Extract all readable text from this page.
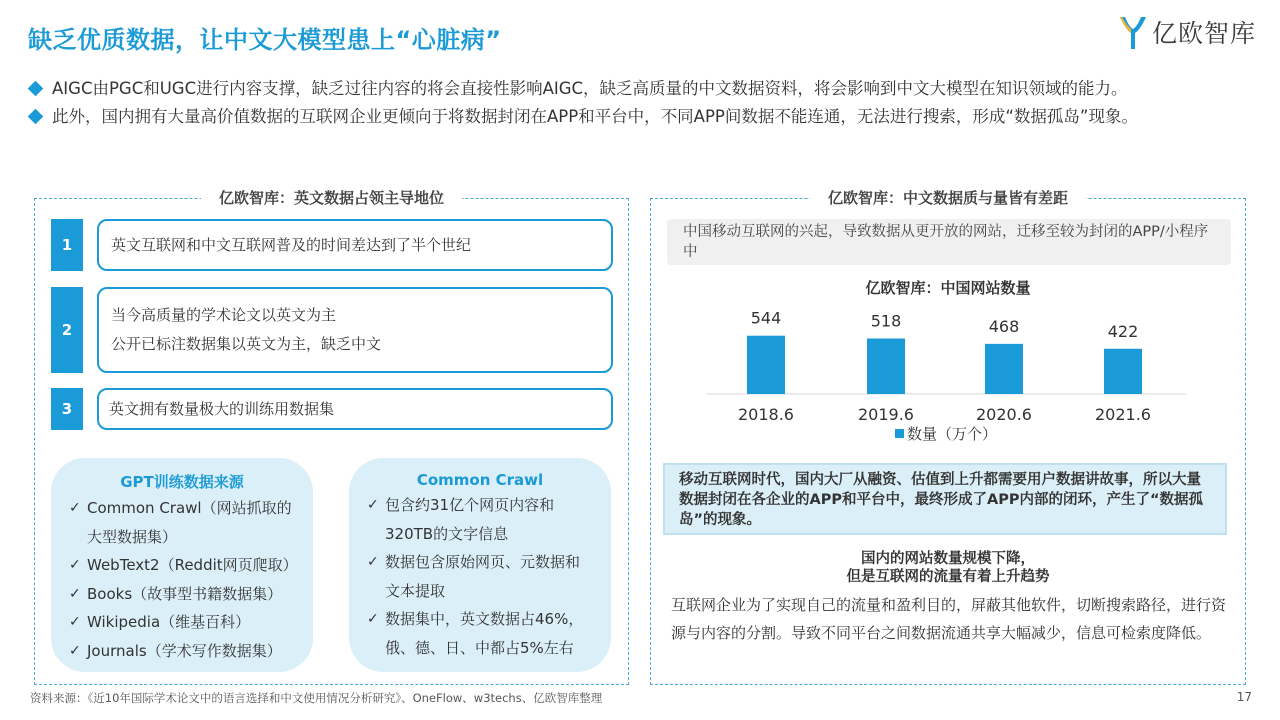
缺乏优质数据，让中文大模型患上“心脏病”	亿欧智库
AIGC由PGC和UGC进行内容支撑，缺乏过往内容的将会直接性影响AIGC，缺乏高质量的中文数据资料，将会影响到中文大模型在知识领域的能力。
此外，国内拥有大量高价值数据的互联网企业更倾向于将数据封闭在APP和平台中，不同APP间数据不能连通，无法进行搜索，形成“数据孤岛”现象。
亿欧智库：英文数据占领主导地位
1	英文互联网和中文互联网普及的时间差达到了半个世纪
2
当今高质量的学术论文以英文为主
公开已标注数据集以英文为主，缺乏中文
3	英文拥有数量极大的训练用数据集
GPT训练数据来源
✓ Common Crawl（网站抓取的大型数据集）
✓ WebText2（Reddit网页爬取）
✓ Books（故事型书籍数据集）
✓ Wikipedia（维基百科）
✓ Journals（学术写作数据集）
Common Crawl
✓ 包含约31亿个网页内容和320TB的文字信息
✓ 数据包含原始网页、元数据和文本提取
✓ 数据集中，英文数据占46%，俄、德、日、中都占5%左右
亿欧智库：中文数据质与量皆有差距
中国移动互联网的兴起，导致数据从更开放的网站，迁移至较为封闭的APP/小程序中
亿欧智库：中国网站数量
544
2018.6
518
2019.6
468
2020.6
422
2021.6
数量（万个）
移动互联网时代，国内大厂从融资、估值到上升都需要用户数据讲故事，所以大量数据封闭在各企业的APP和平台中，最终形成了APP内部的闭环，产生了“数据孤岛”的现象。
国内的网站数量规模下降，
但是互联网的流量有着上升趋势
互联网企业为了实现自己的流量和盈利目的，屏蔽其他软件，切断搜索路径，进行资源与内容的分割。导致不同平台之间数据流通共享大幅减少，信息可检索度降低。
资料来源：《近10年国际学术论文中的语言选择和中文使用情况分析研究》、OneFlow、w3techs、亿欧智库整理	17
